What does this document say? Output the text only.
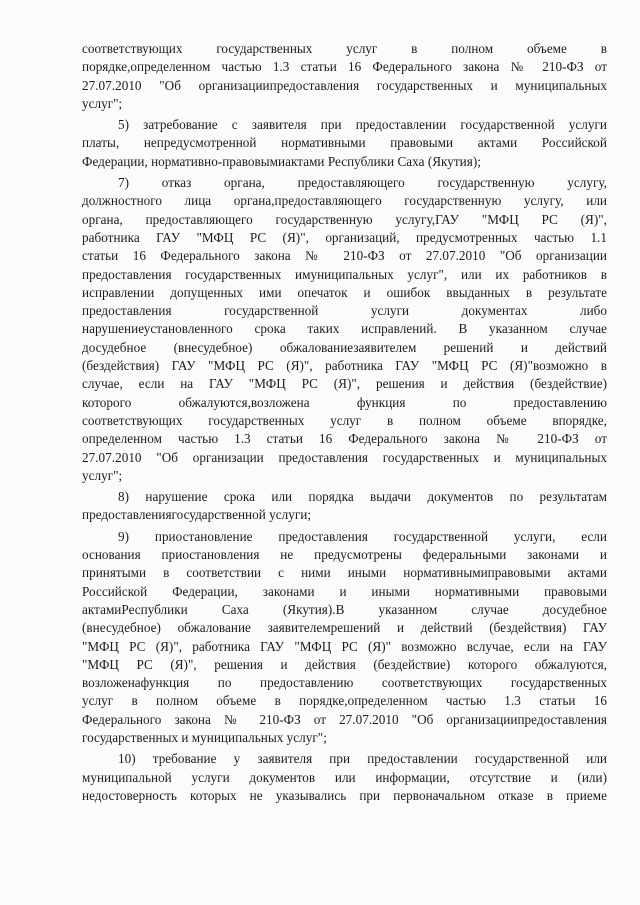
соответствующих государственных услуг в полном объеме в
порядке,определенном частью 1.3 статьи 16 Федерального закона № 210-ФЗ от
27.07.2010 "Об организациипредоставления государственных и муниципальных
услуг";
5) затребование с заявителя при предоставлении государственной услуги
платы, непредусмотренной нормативными правовыми актами Российской
Федерации, нормативно-правовымиактами Республики Саха (Якутия);
7) отказ органа, предоставляющего государственную услугу,
должностного лица органа,предоставляющего государственную услугу, или
органа, предоставляющего государственную услугу,ГАУ "МФЦ РС (Я)",
работника ГАУ "МФЦ РС (Я)", организаций, предусмотренных частью 1.1
статьи 16 Федерального закона № 210-ФЗ от 27.07.2010 "Об организации
предоставления государственных имуниципальных услуг", или их работников в
исправлении допущенных ими опечаток и ошибок ввыданных в результате
предоставления государственной услуги документах либо
нарушениеустановленного срока таких исправлений. В указанном случае
досудебное (внесудебное) обжалованиезаявителем решений и действий
(бездействия) ГАУ "МФЦ РС (Я)", работника ГАУ "МФЦ РС (Я)"возможно в
случае, если на ГАУ "МФЦ РС (Я)", решения и действия (бездействие)
которого обжалуются,возложена функция по предоставлению
соответствующих государственных услуг в полном объеме впорядке,
определенном частью 1.3 статьи 16 Федерального закона № 210-ФЗ от
27.07.2010 "Об организации предоставления государственных и муниципальных
услуг";
8) нарушение срока или порядка выдачи документов по результатам
предоставлениягосударственной услуги;
9) приостановление предоставления государственной услуги, если
основания приостановления не предусмотрены федеральными законами и
принятыми в соответствии с ними иными нормативнымиправовыми актами
Российской Федерации, законами и иными нормативными правовыми
актамиРеспублики Саха (Якутия).В указанном случае досудебное
(внесудебное) обжалование заявителемрешений и действий (бездействия) ГАУ
"МФЦ РС (Я)", работника ГАУ "МФЦ РС (Я)" возможно вслучае, если на ГАУ
"МФЦ РС (Я)", решения и действия (бездействие) которого обжалуются,
возложенафункция по предоставлению соответствующих государственных
услуг в полном объеме в порядке,определенном частью 1.3 статьи 16
Федерального закона № 210-ФЗ от 27.07.2010 "Об организациипредоставления
государственных и муниципальных услуг";
10) требование у заявителя при предоставлении государственной или
муниципальной услуги документов или информации, отсутствие и (или)
недостоверность которых не указывались при первоначальном отказе в приеме
